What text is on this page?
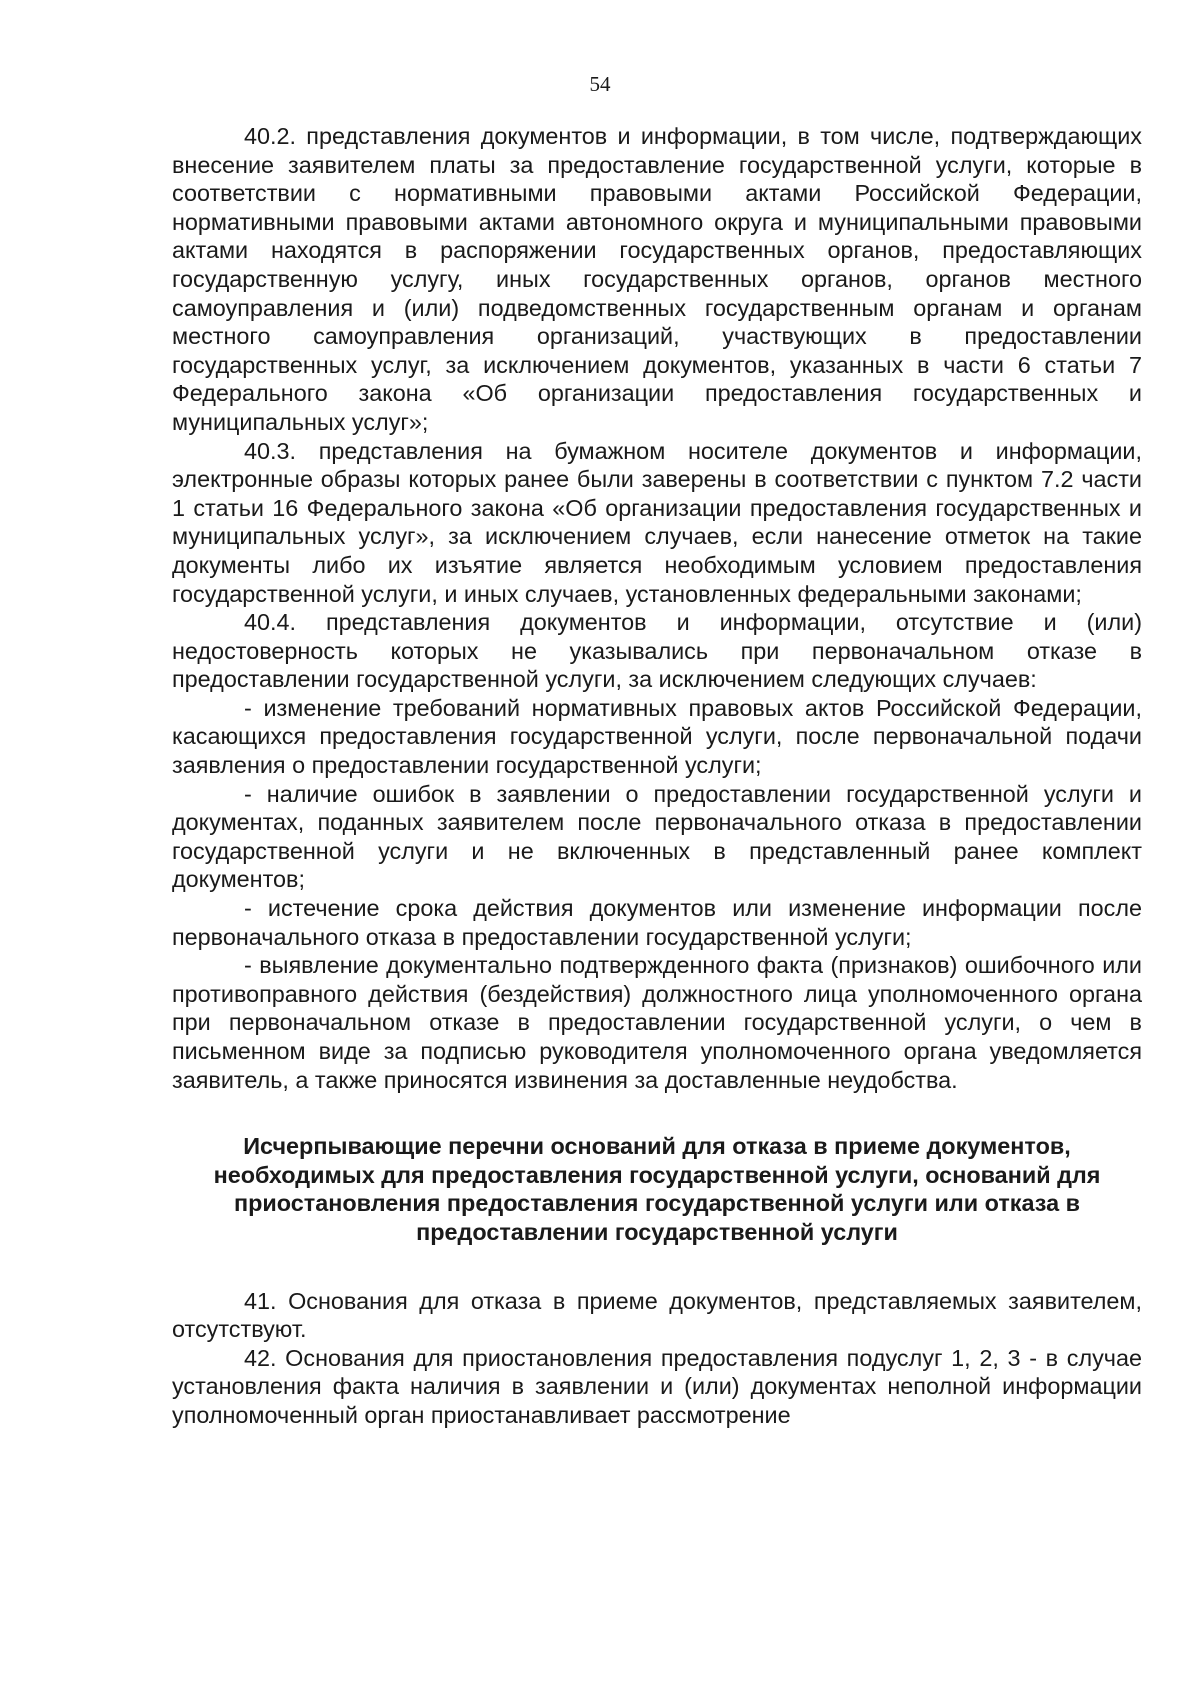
54

40.2. представления документов и информации, в том числе, подтверждающих внесение заявителем платы за предоставление государственной услуги, которые в соответствии с нормативными правовыми актами Российской Федерации, нормативными правовыми актами автономного округа и муниципальными правовыми актами находятся в распоряжении государственных органов, предоставляющих государственную услугу, иных государственных органов, органов местного самоуправления и (или) подведомственных государственным органам и органам местного самоуправления организаций, участвующих в предоставлении государственных услуг, за исключением документов, указанных в части 6 статьи 7 Федерального закона «Об организации предоставления государственных и муниципальных услуг»;

40.3. представления на бумажном носителе документов и информации, электронные образы которых ранее были заверены в соответствии с пунктом 7.2 части 1 статьи 16 Федерального закона «Об организации предоставления государственных и муниципальных услуг», за исключением случаев, если нанесение отметок на такие документы либо их изъятие является необходимым условием предоставления государственной услуги, и иных случаев, установленных федеральными законами;

40.4. представления документов и информации, отсутствие и (или) недостоверность которых не указывались при первоначальном отказе в предоставлении государственной услуги, за исключением следующих случаев:

- изменение требований нормативных правовых актов Российской Федерации, касающихся предоставления государственной услуги, после первоначальной подачи заявления о предоставлении государственной услуги;

- наличие ошибок в заявлении о предоставлении государственной услуги и документах, поданных заявителем после первоначального отказа в предоставлении государственной услуги и не включенных в представленный ранее комплект документов;

- истечение срока действия документов или изменение информации после первоначального отказа в предоставлении государственной услуги;

- выявление документально подтвержденного факта (признаков) ошибочного или противоправного действия (бездействия) должностного лица уполномоченного органа при первоначальном отказе в предоставлении государственной услуги, о чем в письменном виде за подписью руководителя уполномоченного органа уведомляется заявитель, а также приносятся извинения за доставленные неудобства.

Исчерпывающие перечни оснований для отказа в приеме документов, необходимых для предоставления государственной услуги, оснований для приостановления предоставления государственной услуги или отказа в предоставлении государственной услуги

41. Основания для отказа в приеме документов, представляемых заявителем, отсутствуют.

42. Основания для приостановления предоставления подуслуг 1, 2, 3 - в случае установления факта наличия в заявлении и (или) документах неполной информации уполномоченный орган приостанавливает рассмотрение
